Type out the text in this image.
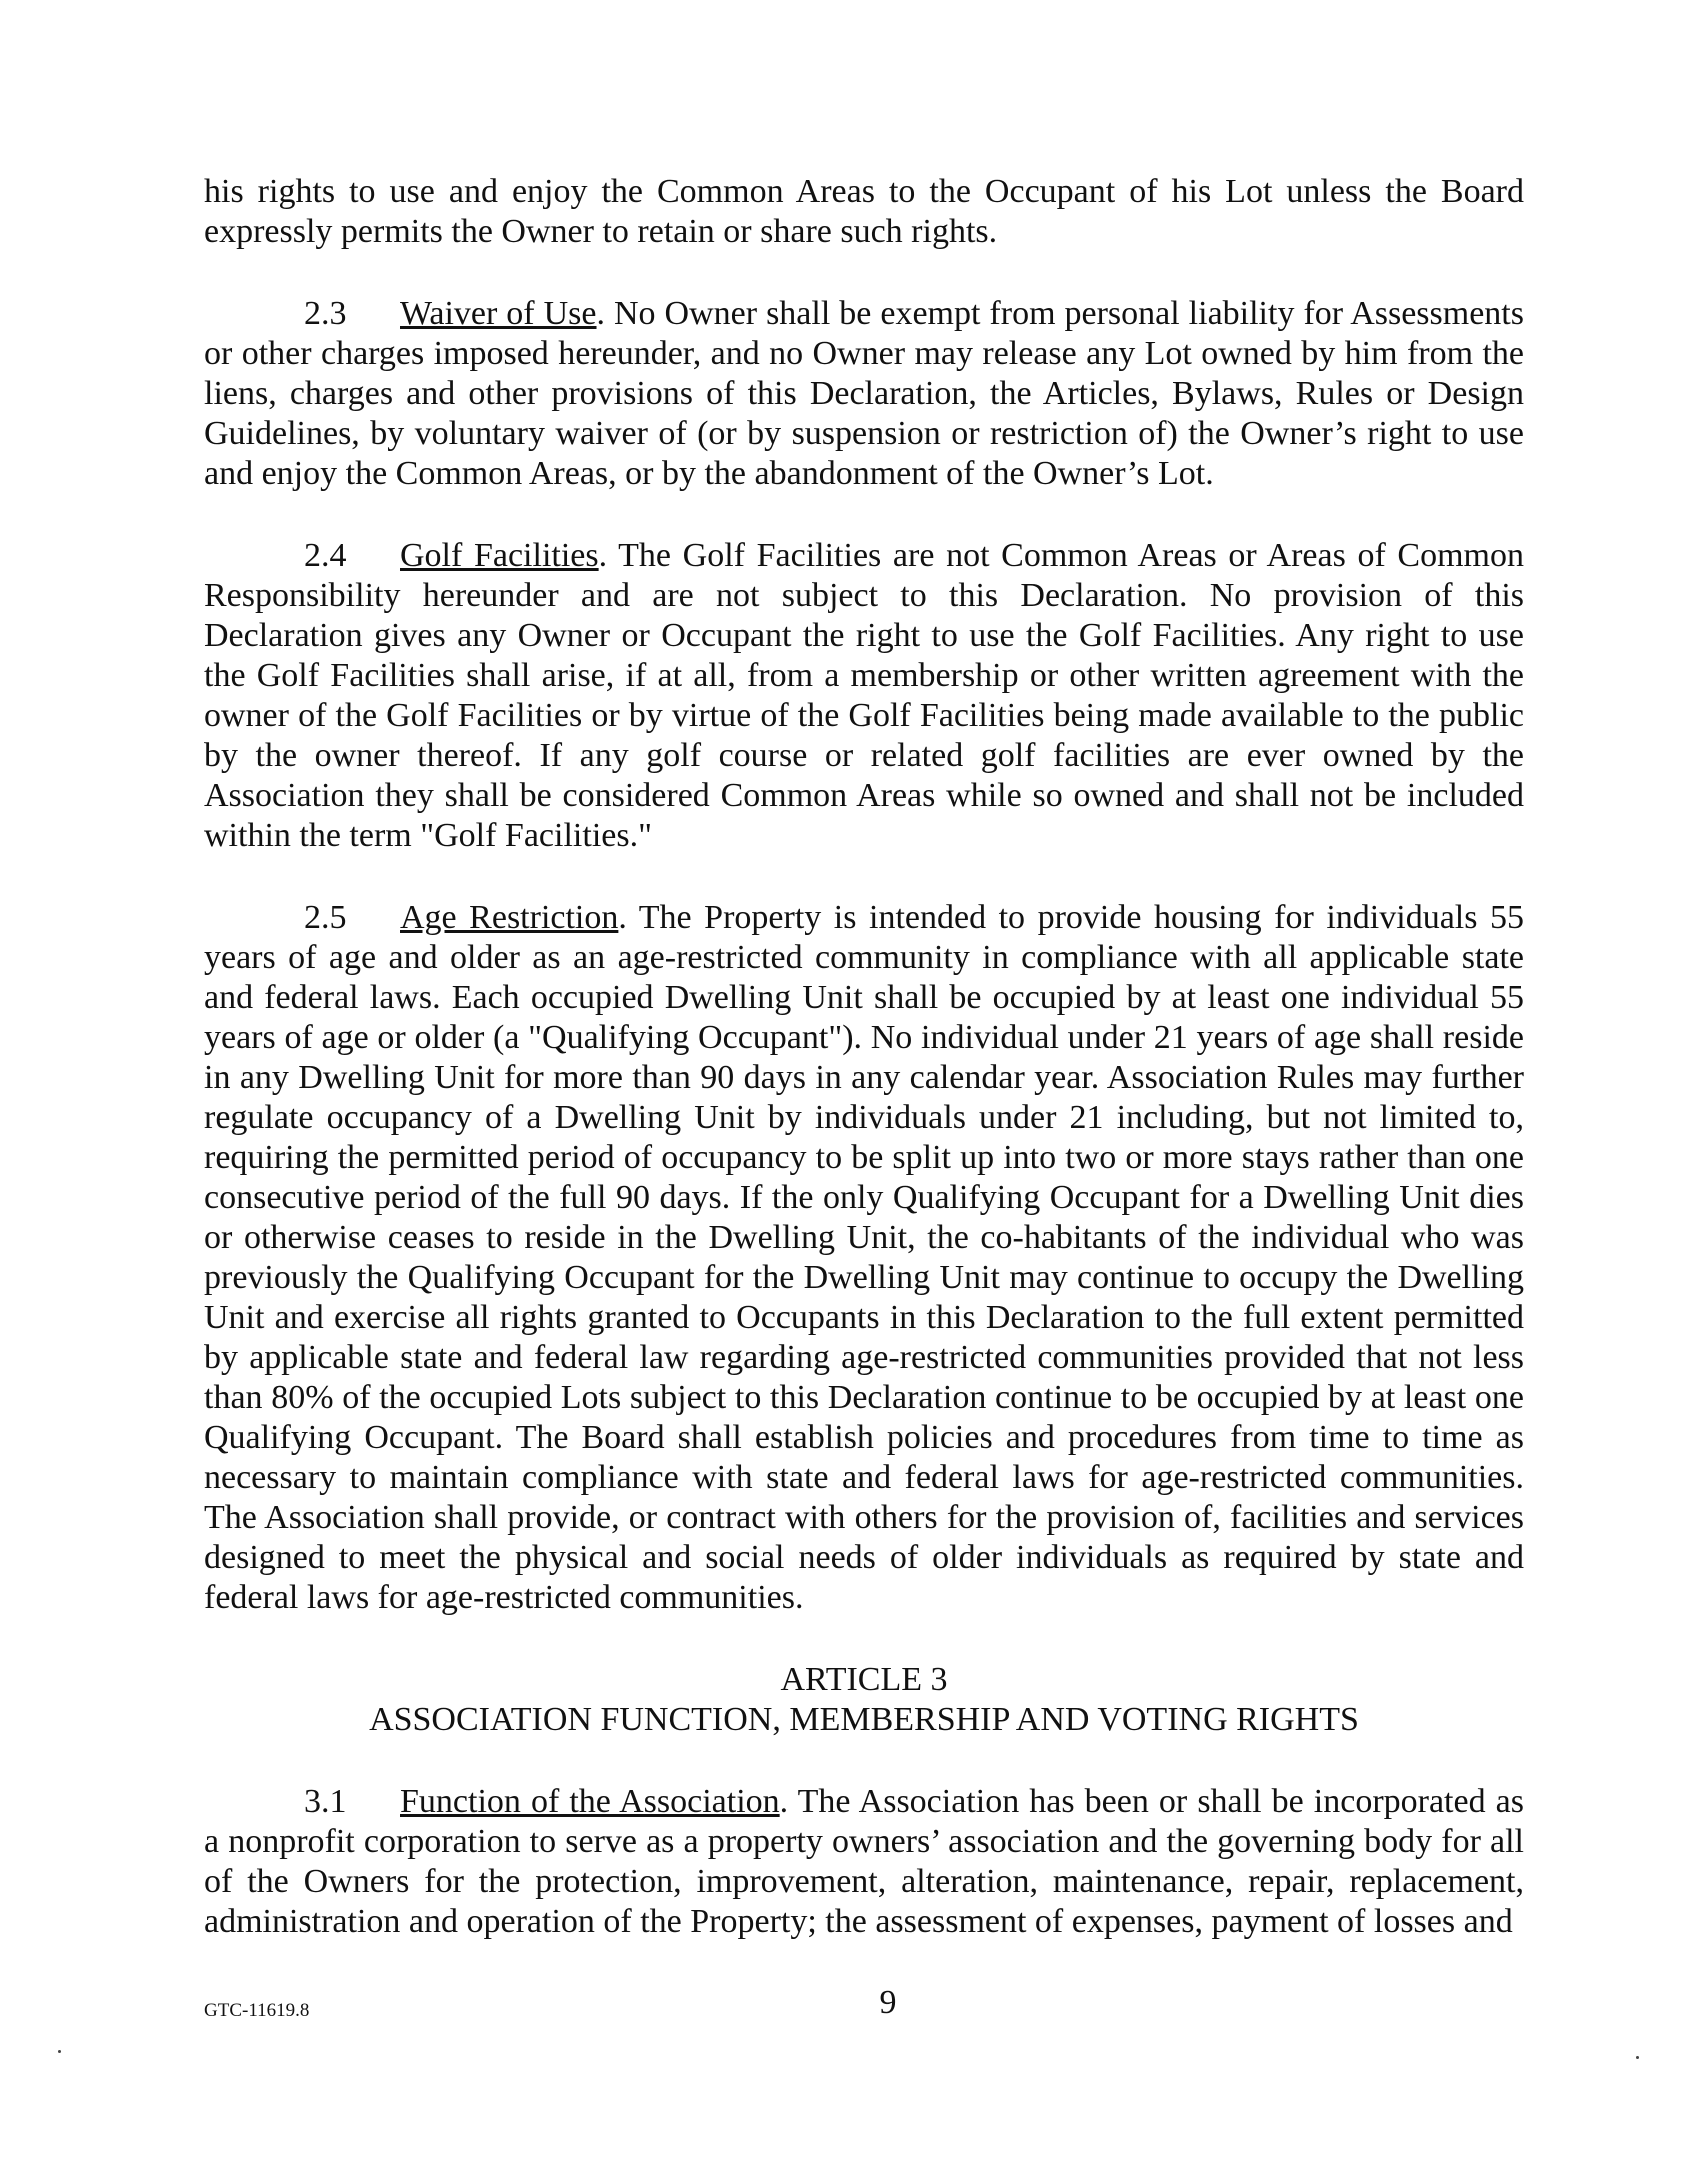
his rights to use and enjoy the Common Areas to the Occupant of his Lot unless the Board expressly permits the Owner to retain or share such rights.

2.3 Waiver of Use. No Owner shall be exempt from personal liability for Assessments or other charges imposed hereunder, and no Owner may release any Lot owned by him from the liens, charges and other provisions of this Declaration, the Articles, Bylaws, Rules or Design Guidelines, by voluntary waiver of (or by suspension or restriction of) the Owner’s right to use and enjoy the Common Areas, or by the abandonment of the Owner’s Lot.

2.4 Golf Facilities. The Golf Facilities are not Common Areas or Areas of Common Responsibility hereunder and are not subject to this Declaration. No provision of this Declaration gives any Owner or Occupant the right to use the Golf Facilities. Any right to use the Golf Facilities shall arise, if at all, from a membership or other written agreement with the owner of the Golf Facilities or by virtue of the Golf Facilities being made available to the public by the owner thereof. If any golf course or related golf facilities are ever owned by the Association they shall be considered Common Areas while so owned and shall not be included within the term "Golf Facilities."

2.5 Age Restriction. The Property is intended to provide housing for individuals 55 years of age and older as an age-restricted community in compliance with all applicable state and federal laws. Each occupied Dwelling Unit shall be occupied by at least one individual 55 years of age or older (a "Qualifying Occupant"). No individual under 21 years of age shall reside in any Dwelling Unit for more than 90 days in any calendar year. Association Rules may further regulate occupancy of a Dwelling Unit by individuals under 21 including, but not limited to, requiring the permitted period of occupancy to be split up into two or more stays rather than one consecutive period of the full 90 days. If the only Qualifying Occupant for a Dwelling Unit dies or otherwise ceases to reside in the Dwelling Unit, the co-habitants of the individual who was previously the Qualifying Occupant for the Dwelling Unit may continue to occupy the Dwelling Unit and exercise all rights granted to Occupants in this Declaration to the full extent permitted by applicable state and federal law regarding age-restricted communities provided that not less than 80% of the occupied Lots subject to this Declaration continue to be occupied by at least one Qualifying Occupant. The Board shall establish policies and procedures from time to time as necessary to maintain compliance with state and federal laws for age-restricted communities. The Association shall provide, or contract with others for the provision of, facilities and services designed to meet the physical and social needs of older individuals as required by state and federal laws for age-restricted communities.

ARTICLE 3
ASSOCIATION FUNCTION, MEMBERSHIP AND VOTING RIGHTS

3.1 Function of the Association. The Association has been or shall be incorporated as a nonprofit corporation to serve as a property owners’ association and the governing body for all of the Owners for the protection, improvement, alteration, maintenance, repair, replacement, administration and operation of the Property; the assessment of expenses, payment of losses and

GTC-11619.8	9
